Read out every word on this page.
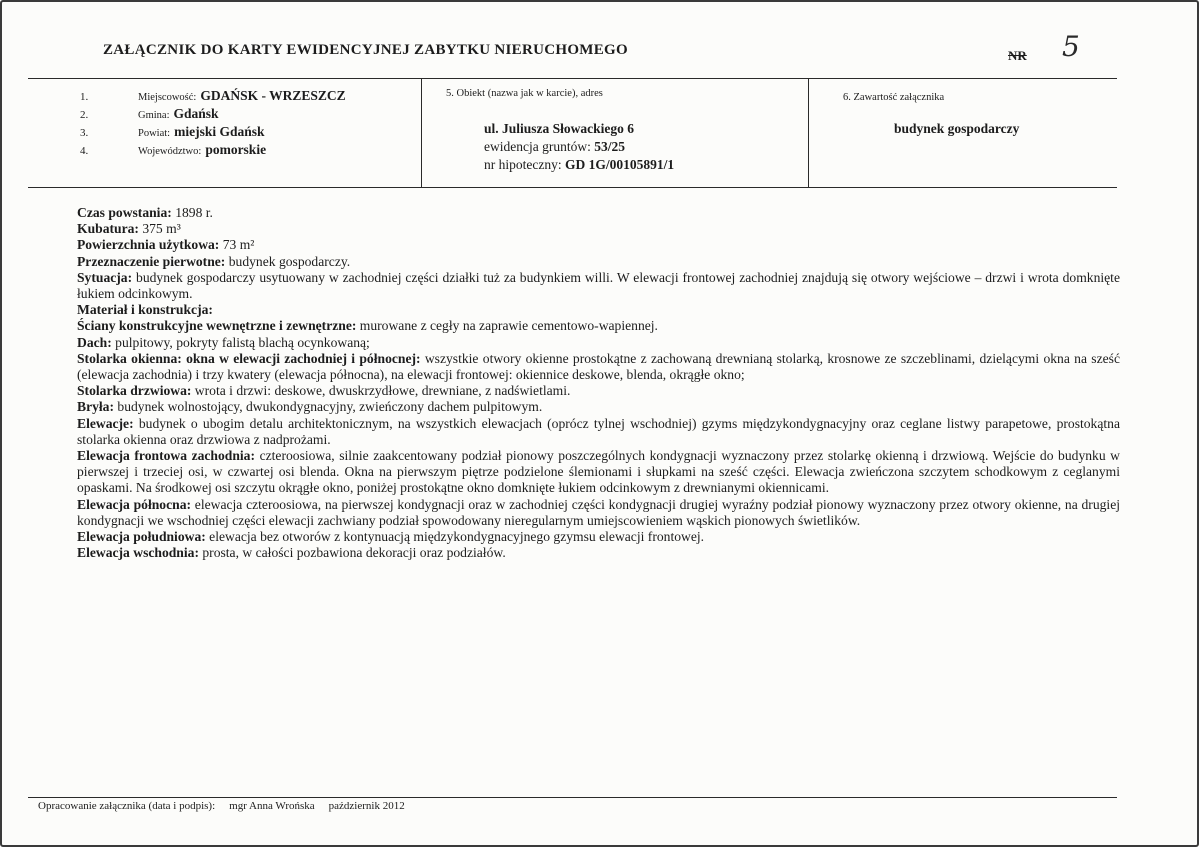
ZAŁĄCZNIK DO KARTY EWIDENCYJNEJ ZABYTKU NIERUCHOMEGO	NR 5
1.	Miejscowość: GDAŃSK - WRZESZCZ
2.	Gmina: Gdańsk
3.	Powiat: miejski Gdańsk
4.	Województwo: pomorskie
5. Obiekt (nazwa jak w karcie), adres
ul. Juliusza Słowackiego 6
ewidencja gruntów: 53/25
nr hipoteczny: GD 1G/00105891/1
6. Zawartość załącznika
budynek gospodarczy

Czas powstania: 1898 r.

Kubatura: 375 m³

Powierzchnia użytkowa: 73 m²

Przeznaczenie pierwotne: budynek gospodarczy.

Sytuacja: budynek gospodarczy usytuowany w zachodniej części działki tuż za budynkiem willi. W elewacji frontowej zachodniej znajdują się otwory wejściowe – drzwi i wrota domknięte łukiem odcinkowym.

Materiał i konstrukcja:

Ściany konstrukcyjne wewnętrzne i zewnętrzne: murowane z cegły na zaprawie cementowo-wapiennej.

Dach: pulpitowy, pokryty falistą blachą ocynkowaną;

Stolarka okienna: okna w elewacji zachodniej i północnej: wszystkie otwory okienne prostokątne z zachowaną drewnianą stolarką, krosnowe ze szczeblinami, dzielącymi okna na sześć (elewacja zachodnia) i trzy kwatery (elewacja północna), na elewacji frontowej: okiennice deskowe, blenda, okrągłe okno;

Stolarka drzwiowa: wrota i drzwi: deskowe, dwuskrzydłowe, drewniane, z nadświetlami.

Bryła: budynek wolnostojący, dwukondygnacyjny, zwieńczony dachem pulpitowym.

Elewacje: budynek o ubogim detalu architektonicznym, na wszystkich elewacjach (oprócz tylnej wschodniej) gzyms międzykondygnacyjny oraz ceglane listwy parapetowe, prostokątna stolarka okienna oraz drzwiowa z nadprożami.

Elewacja frontowa zachodnia: czteroosiowa, silnie zaakcentowany podział pionowy poszczególnych kondygnacji wyznaczony przez stolarkę okienną i drzwiową. Wejście do budynku w pierwszej i trzeciej osi, w czwartej osi blenda. Okna na pierwszym piętrze podzielone ślemionami i słupkami na sześć części. Elewacja zwieńczona szczytem schodkowym z ceglanymi opaskami. Na środkowej osi szczytu okrągłe okno, poniżej prostokątne okno domknięte łukiem odcinkowym z drewnianymi okiennicami.

Elewacja północna: elewacja czteroosiowa, na pierwszej kondygnacji oraz w zachodniej części kondygnacji drugiej wyraźny podział pionowy wyznaczony przez otwory okienne, na drugiej kondygnacji we wschodniej części elewacji zachwiany podział spowodowany nieregularnym umiejscowieniem wąskich pionowych świetlików.

Elewacja południowa: elewacja bez otworów z kontynuacją międzykondygnacyjnego gzymsu elewacji frontowej.

Elewacja wschodnia: prosta, w całości pozbawiona dekoracji oraz podziałów.

Opracowanie załącznika (data i podpis): mgr Anna Wrońska październik 2012
